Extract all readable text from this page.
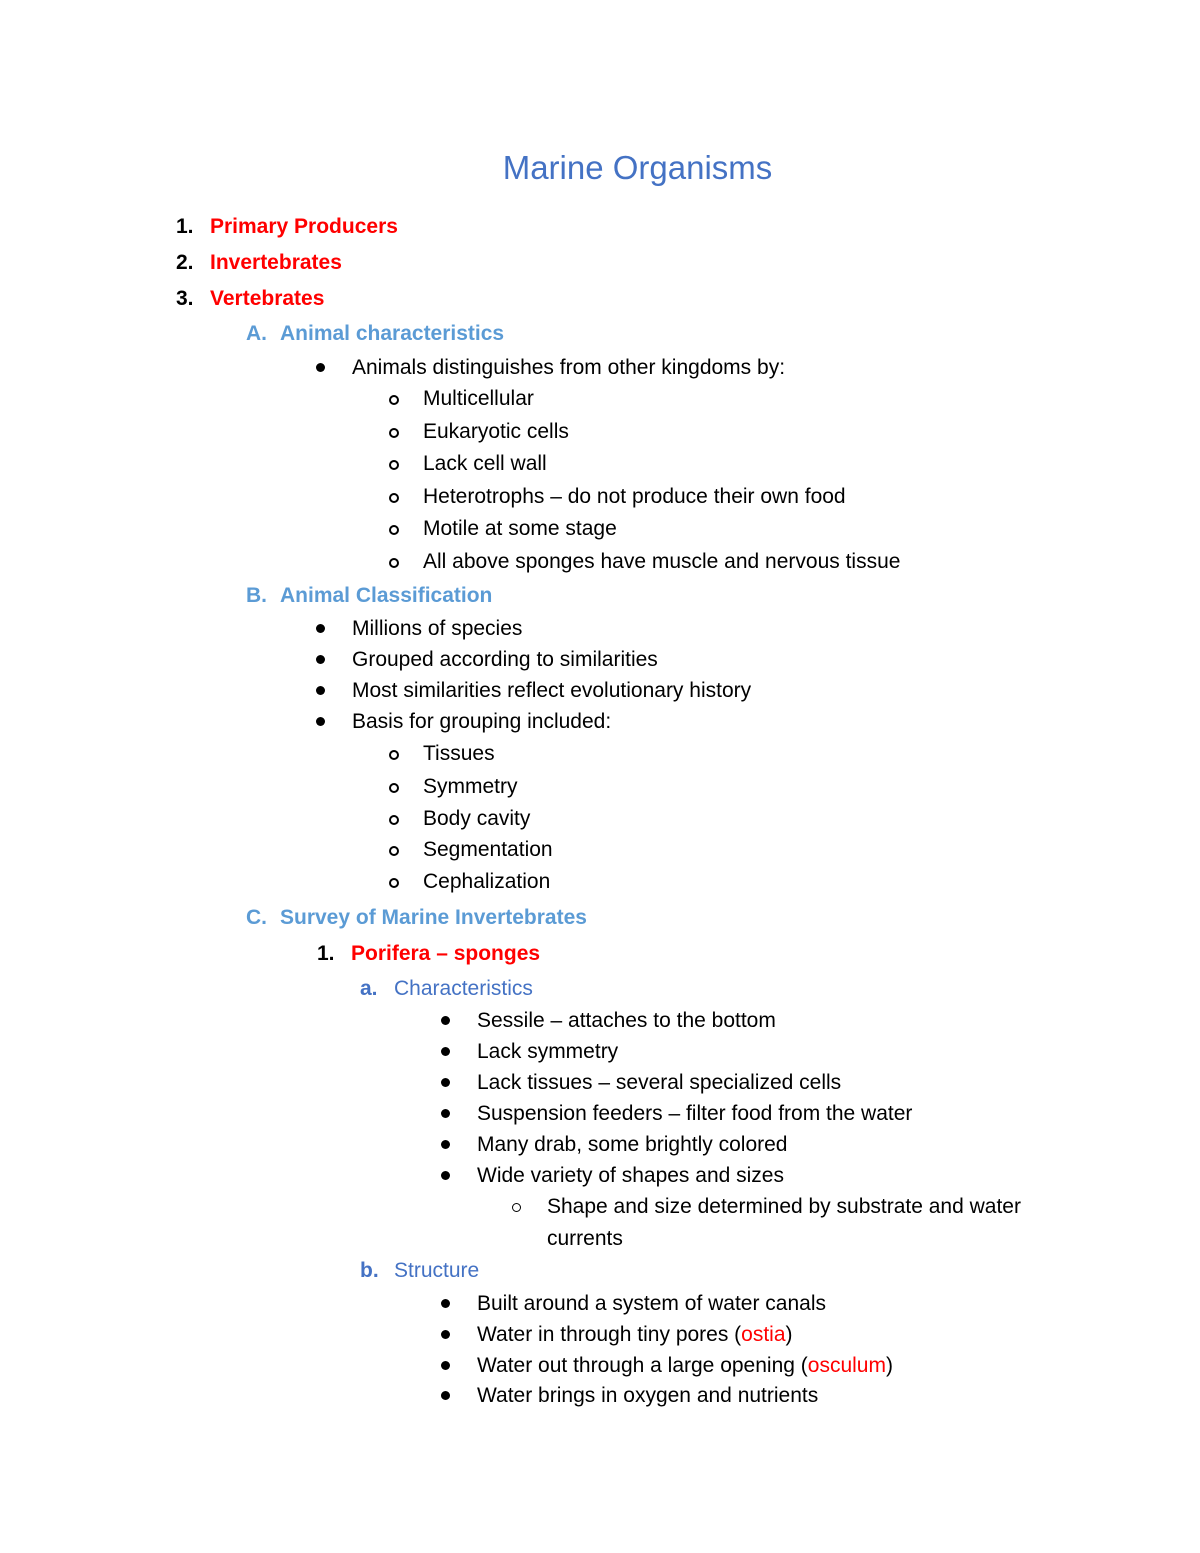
Marine Organisms
1. Primary Producers
2. Invertebrates
3. Vertebrates
A. Animal characteristics
Animals distinguishes from other kingdoms by:
Multicellular
Eukaryotic cells
Lack cell wall
Heterotrophs – do not produce their own food
Motile at some stage
All above sponges have muscle and nervous tissue
B. Animal Classification
Millions of species
Grouped according to similarities
Most similarities reflect evolutionary history
Basis for grouping included:
Tissues
Symmetry
Body cavity
Segmentation
Cephalization
C. Survey of Marine Invertebrates
1. Porifera – sponges
a. Characteristics
Sessile – attaches to the bottom
Lack symmetry
Lack tissues – several specialized cells
Suspension feeders – filter food from the water
Many drab, some brightly colored
Wide variety of shapes and sizes
Shape and size determined by substrate and water
currents
b. Structure
Built around a system of water canals
Water in through tiny pores (ostia)
Water out through a large opening (osculum)
Water brings in oxygen and nutrients
